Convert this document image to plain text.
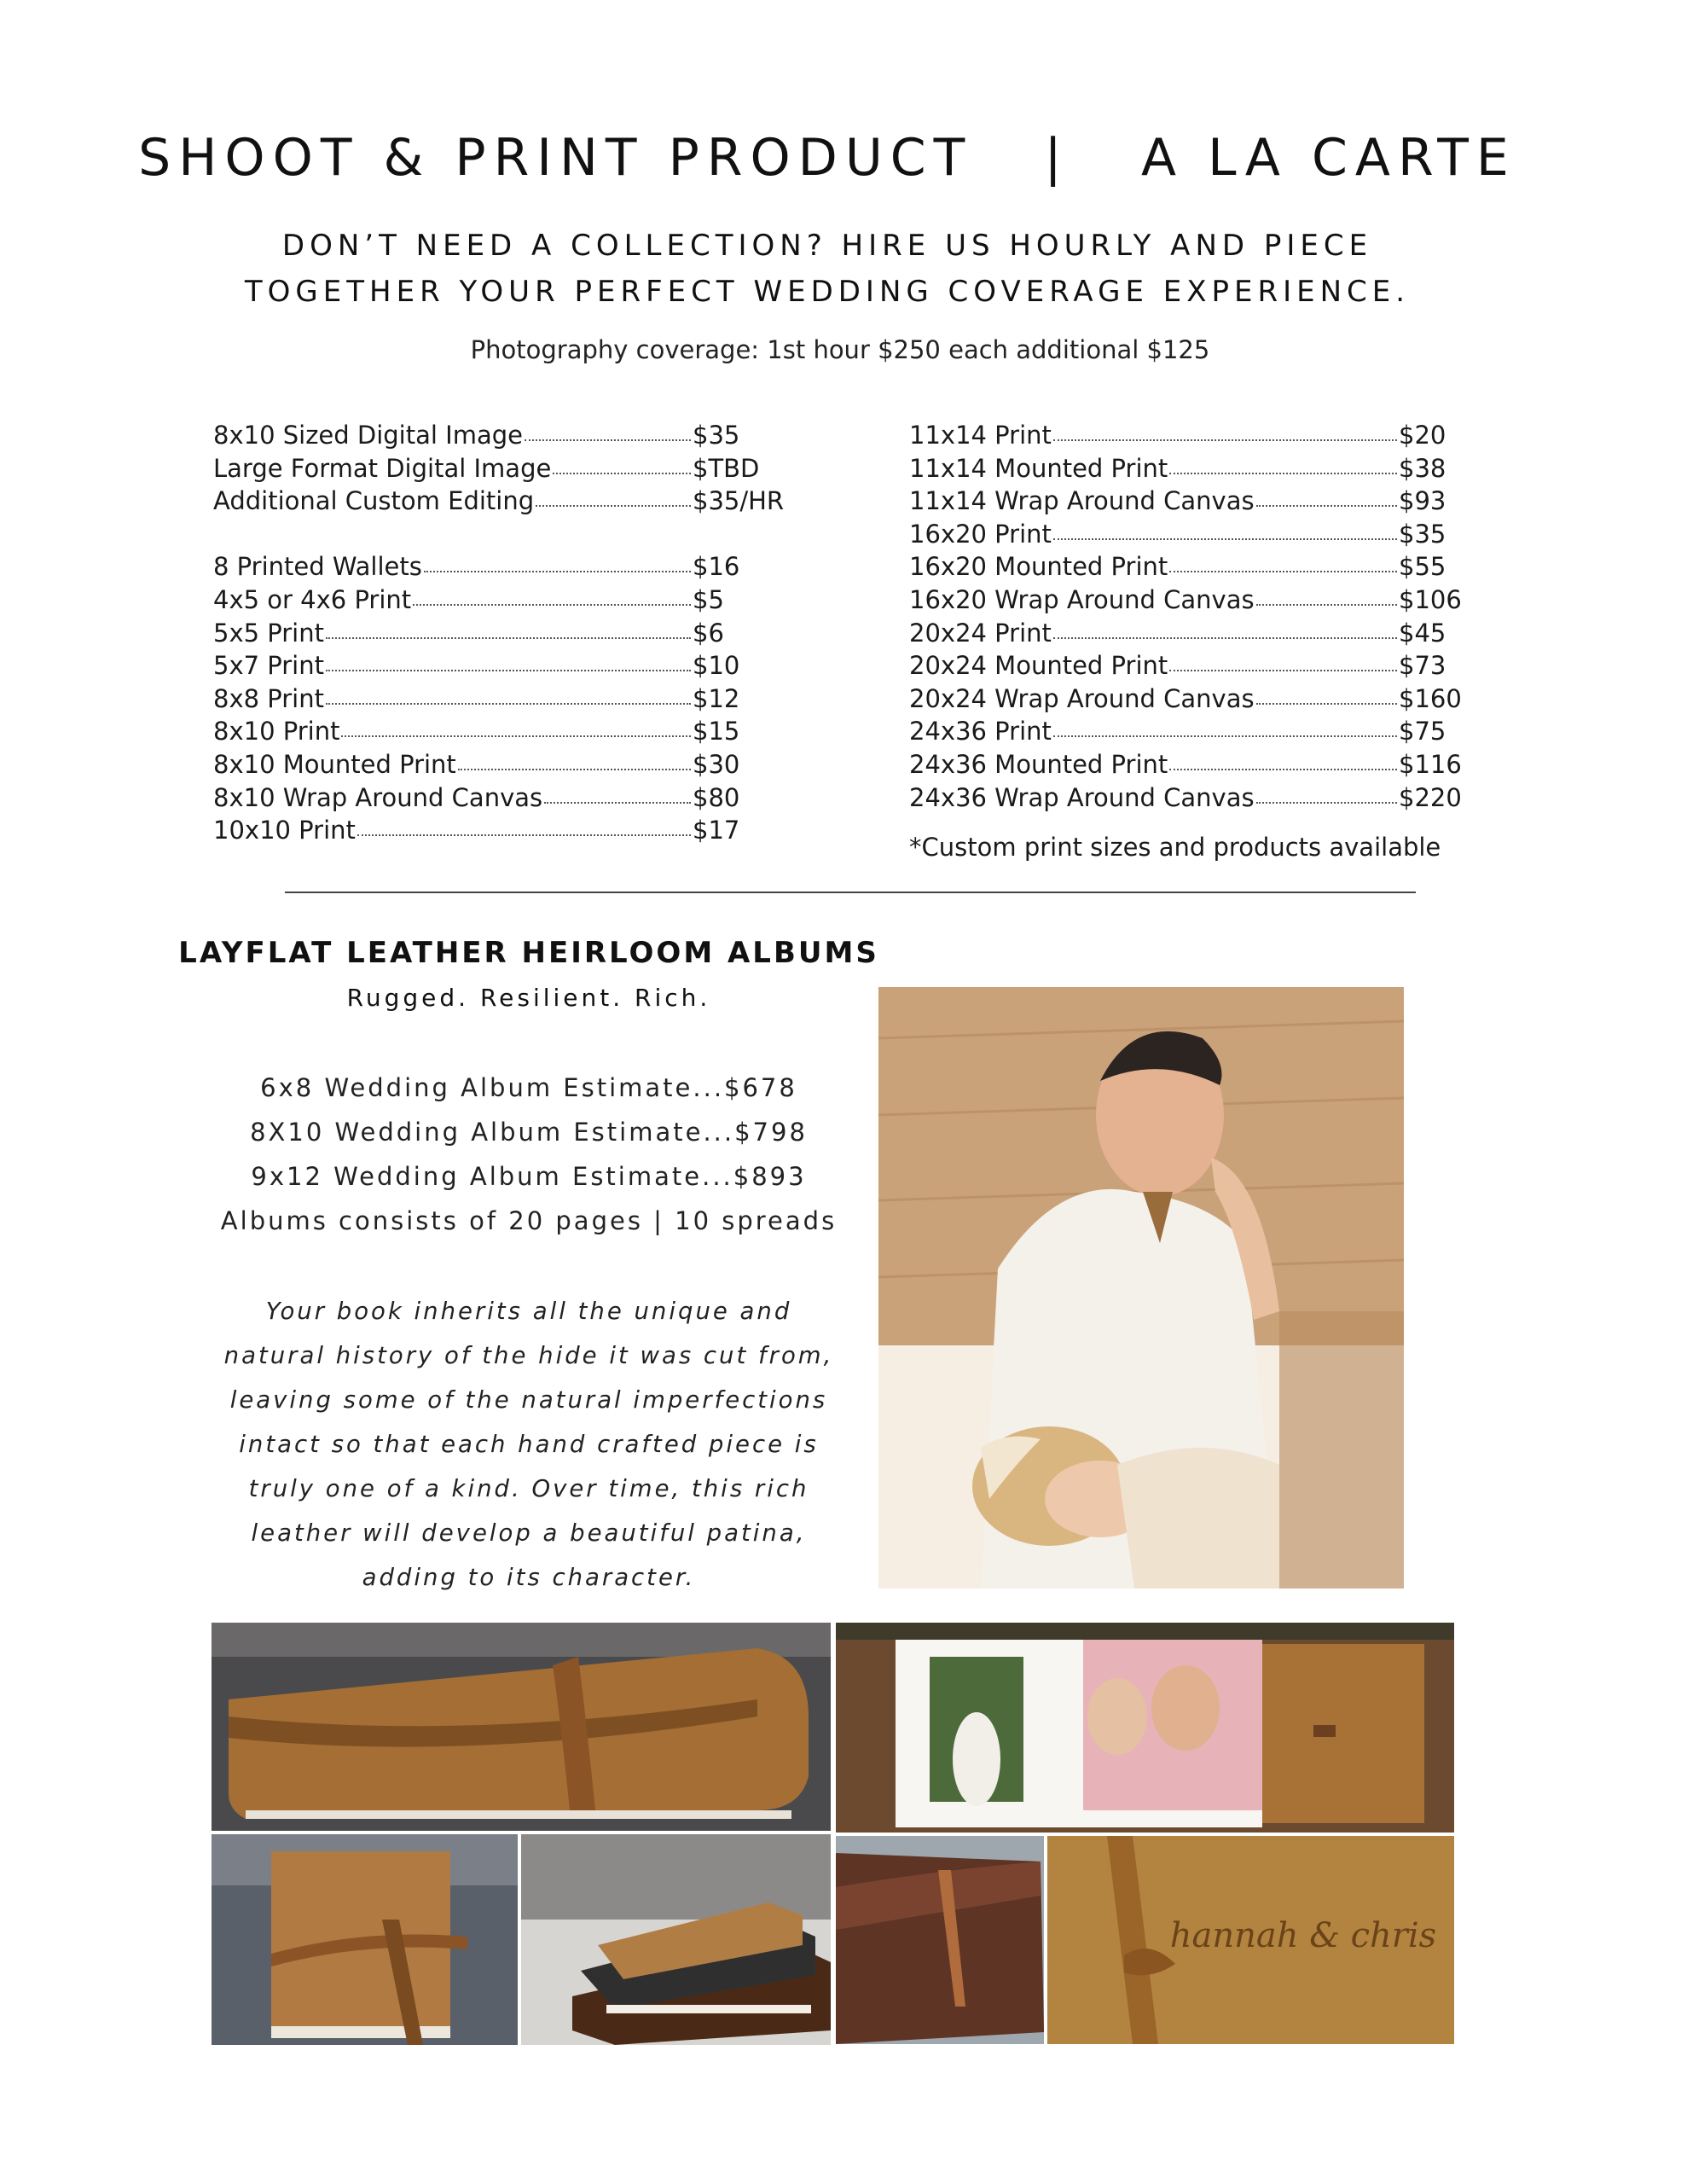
SHOOT & PRINT PRODUCT   |   A LA CARTE
DON’T NEED A COLLECTION? HIRE US HOURLY AND PIECE
TOGETHER YOUR PERFECT WEDDING COVERAGE EXPERIENCE.
Photography coverage: 1st hour $250 each additional $125
8x10 Sized Digital Image	$35
Large Format Digital Image	$TBD
Additional Custom Editing	$35/HR
8 Printed Wallets	$16
4x5 or 4x6 Print	$5
5x5 Print	$6
5x7 Print	$10
8x8 Print	$12
8x10 Print	$15
8x10 Mounted Print	$30
8x10 Wrap Around Canvas	$80
10x10 Print	$17
11x14 Print	$20
11x14 Mounted Print	$38
11x14 Wrap Around Canvas	$93
16x20 Print	$35
16x20 Mounted Print	$55
16x20 Wrap Around Canvas	$106
20x24 Print	$45
20x24 Mounted Print	$73
20x24 Wrap Around Canvas	$160
24x36 Print	$75
24x36 Mounted Print	$116
24x36 Wrap Around Canvas	$220
*Custom print sizes and products available
LAYFLAT LEATHER HEIRLOOM ALBUMS
Rugged. Resilient. Rich.
6x8 Wedding Album Estimate...$678
8X10 Wedding Album Estimate...$798
9x12 Wedding Album Estimate...$893
Albums consists of 20 pages | 10 spreads
Your book inherits all the unique and
natural history of the hide it was cut from,
leaving some of the natural imperfections
intact so that each hand crafted piece is
truly one of a kind. Over time, this rich
leather will develop a beautiful patina,
adding to its character.
hannah & chris
